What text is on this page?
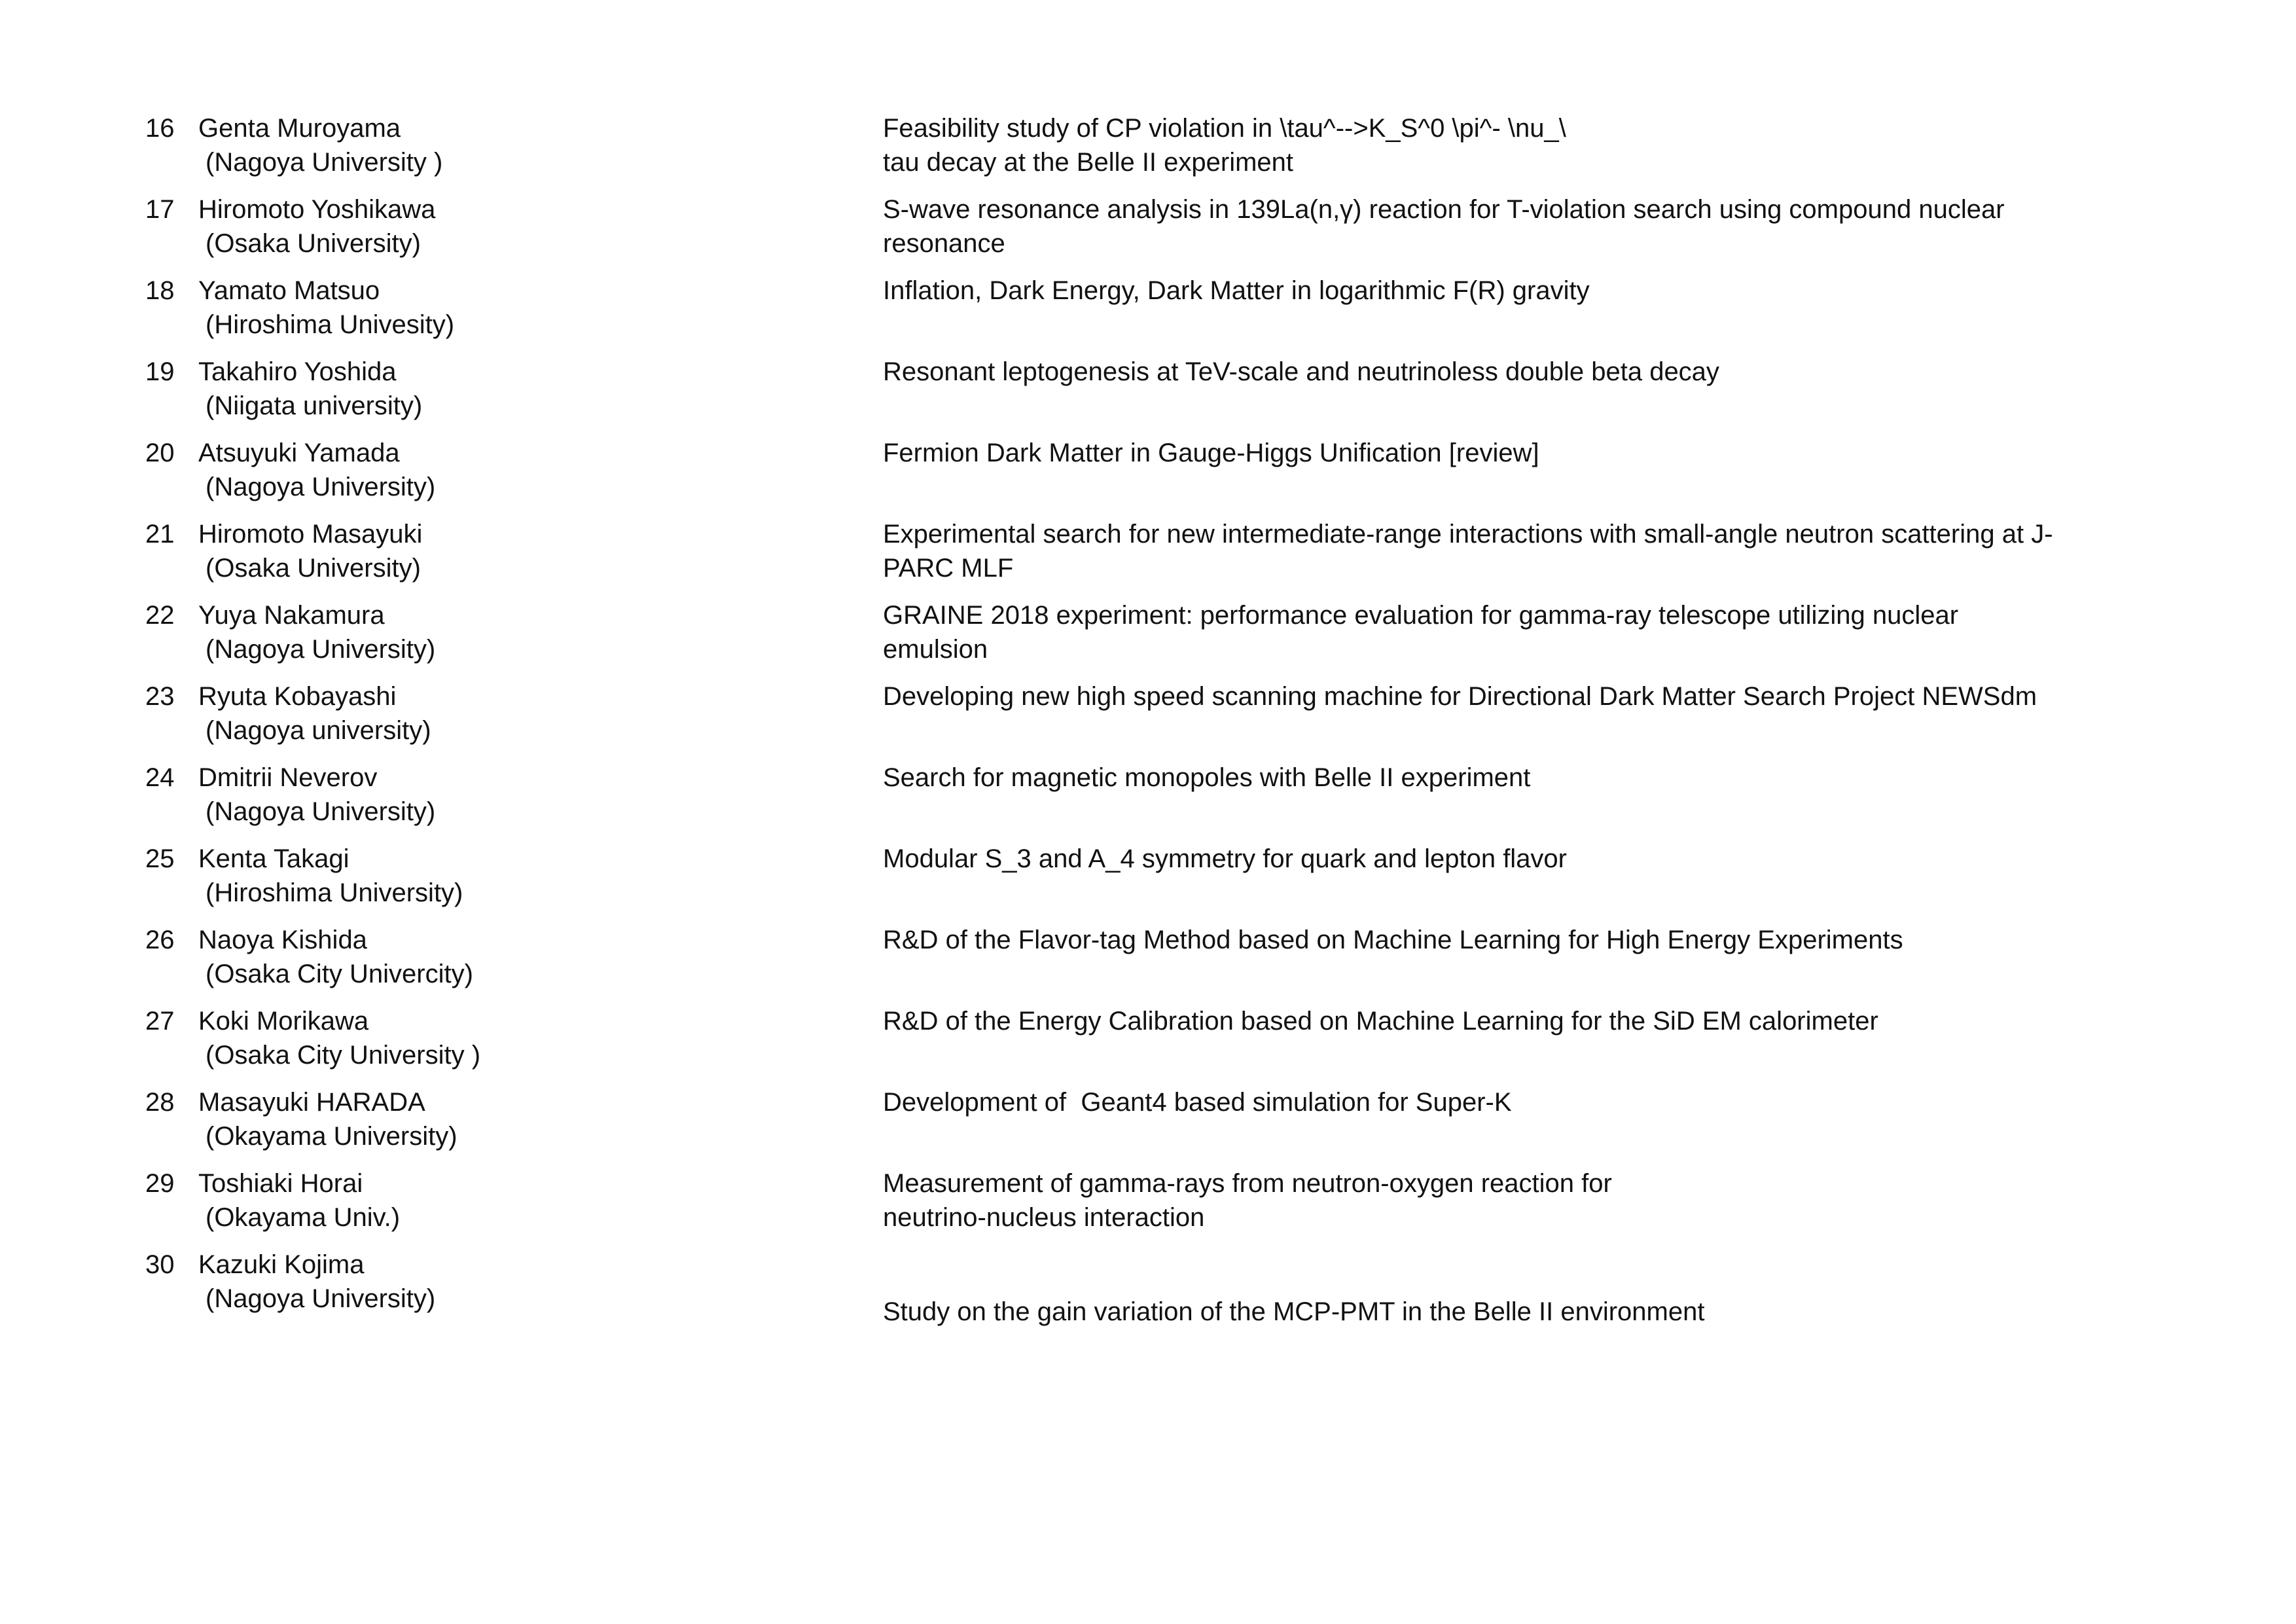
16 Genta Muroyama
(Nagoya University )
Feasibility study of CP violation in \tau^-->K_S^0 \pi^- \nu_\
tau decay at the Belle II experiment
17 Hiromoto Yoshikawa
(Osaka University)
S-wave resonance analysis in 139La(n,γ) reaction for T-violation search using compound nuclear
resonance
18 Yamato Matsuo
(Hiroshima Univesity)
Inflation, Dark Energy, Dark Matter in logarithmic F(R) gravity
19 Takahiro Yoshida
(Niigata university)
Resonant leptogenesis at TeV-scale and neutrinoless double beta decay
20 Atsuyuki Yamada
(Nagoya University)
Fermion Dark Matter in Gauge-Higgs Unification [review]
21 Hiromoto Masayuki
(Osaka University)
Experimental search for new intermediate-range interactions with small-angle neutron scattering at J-
PARC MLF
22 Yuya Nakamura
(Nagoya University)
GRAINE 2018 experiment: performance evaluation for gamma-ray telescope utilizing nuclear
emulsion
23 Ryuta Kobayashi
(Nagoya university)
Developing new high speed scanning machine for Directional Dark Matter Search Project NEWSdm
24 Dmitrii Neverov
(Nagoya University)
Search for magnetic monopoles with Belle II experiment
25 Kenta Takagi
(Hiroshima University)
Modular S_3 and A_4 symmetry for quark and lepton flavor
26 Naoya Kishida
(Osaka City Univercity)
R&D of the Flavor-tag Method based on Machine Learning for High Energy Experiments
27 Koki Morikawa
(Osaka City University )
R&D of the Energy Calibration based on Machine Learning for the SiD EM calorimeter
28 Masayuki HARADA
(Okayama University)
Development of  Geant4 based simulation for Super-K
29 Toshiaki Horai
(Okayama Univ.)
Measurement of gamma-rays from neutron-oxygen reaction for
neutrino-nucleus interaction
30 Kazuki Kojima
(Nagoya University)	Study on the gain variation of the MCP-PMT in the Belle II environment
